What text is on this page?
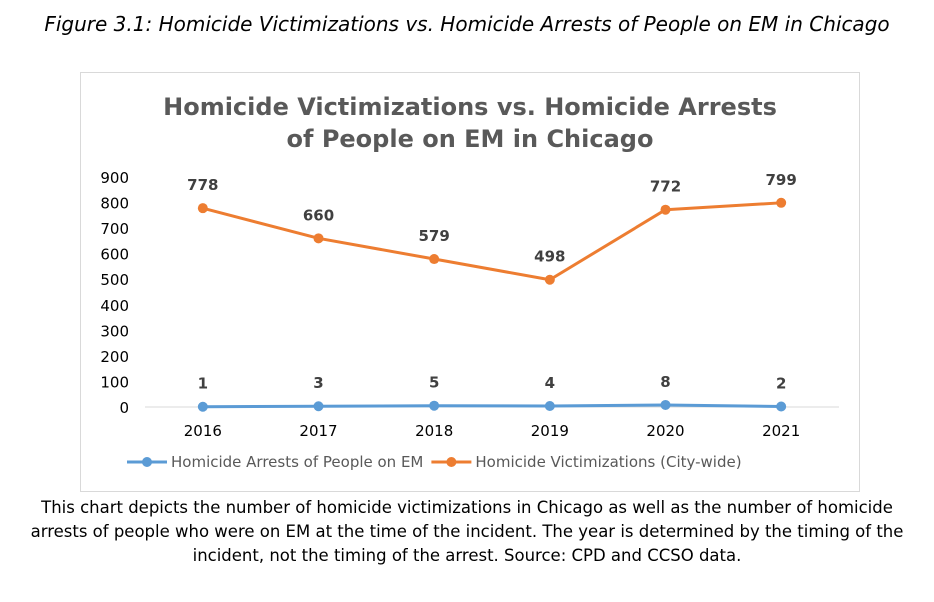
Figure 3.1: Homicide Victimizations vs. Homicide Arrests of People on EM in Chicago
Homicide Victimizations vs. Homicide Arrests
of People on EM in Chicago
0
100
200
300
400
500
600
700
800
900
2016	2017	2018	2019	2020	2021
1	3	5	4	8	2
778
660
579
498
772	799
Homicide Arrests of People on EM	Homicide Victimizations (City-wide)
This chart depicts the number of homicide victimizations in Chicago as well as the number of homicide arrests of people who were on EM at the time of the incident. The year is determined by the timing of the incident, not the timing of the arrest. Source: CPD and CCSO data.
